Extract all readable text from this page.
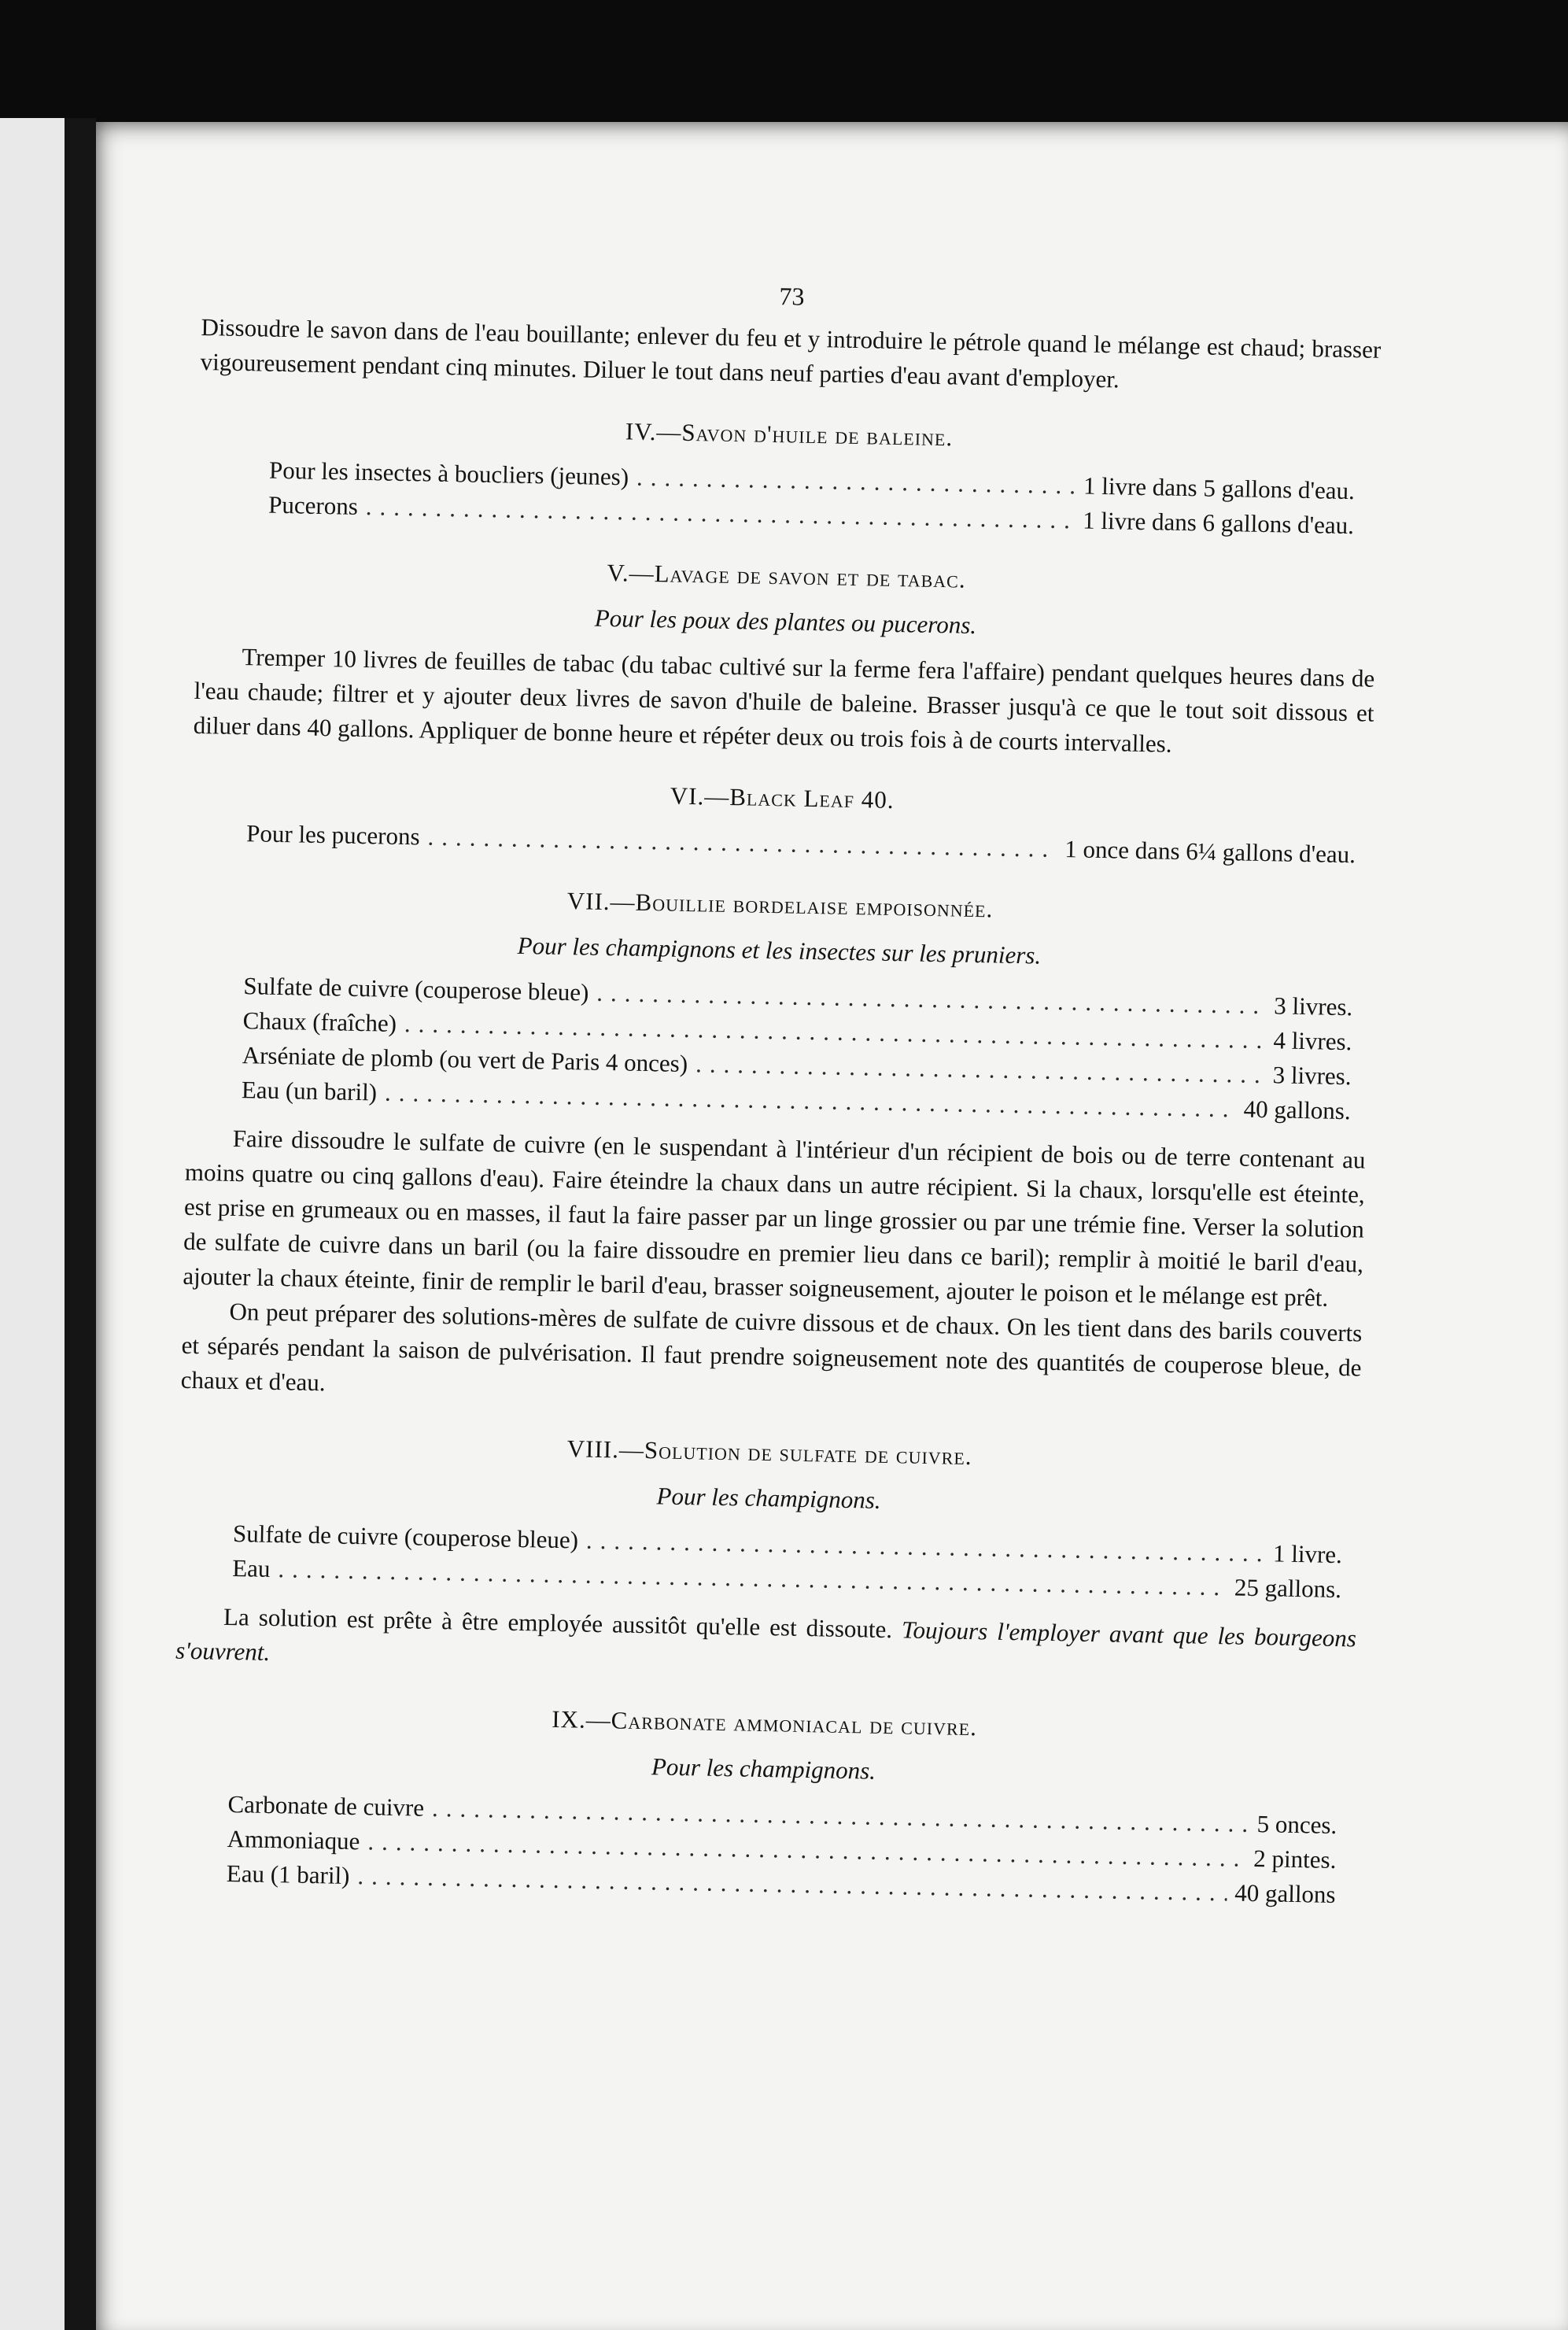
73

Dissoudre le savon dans de l'eau bouillante; enlever du feu et y introduire le pétrole quand le mélange est chaud; brasser vigoureusement pendant cinq minutes. Diluer le tout dans neuf parties d'eau avant d'employer.

IV.—Savon d'huile de baleine.
Pour les insectes à boucliers (jeunes) .....	1 livre dans 5 gallons d'eau.
Pucerons
.....
1 livre dans 6 gallons d'eau.
V.—Lavage de savon et de tabac.
Pour les poux des plantes ou pucerons.

Tremper 10 livres de feuilles de tabac (du tabac cultivé sur la ferme fera l'affaire) pendant quelques heures dans de l'eau chaude; filtrer et y ajouter deux livres de savon d'huile de baleine. Brasser jusqu'à ce que le tout soit dissous et diluer dans 40 gallons. Appliquer de bonne heure et répéter deux ou trois fois à de courts intervalles.

VI.—Black Leaf 40.
Pour les pucerons
.....
1 once dans 6¼ gallons d'eau.
VII.—Bouillie bordelaise empoisonnée.
Pour les champignons et les insectes sur les pruniers.
Sulfate de cuivre (couperose bleue)
.....
3 livres.
Chaux (fraîche)
.....
4 livres.
Arséniate de plomb (ou vert de Paris 4 onces) .....	3 livres.
Eau (un baril)
.....
40 gallons.

Faire dissoudre le sulfate de cuivre (en le suspendant à l'intérieur d'un récipient de bois ou de terre contenant au moins quatre ou cinq gallons d'eau). Faire éteindre la chaux dans un autre récipient. Si la chaux, lorsqu'elle est éteinte, est prise en grumeaux ou en masses, il faut la faire passer par un linge grossier ou par une trémie fine. Verser la solution de sulfate de cuivre dans un baril (ou la faire dissoudre en premier lieu dans ce baril); remplir à moitié le baril d'eau, ajouter la chaux éteinte, finir de remplir le baril d'eau, brasser soigneusement, ajouter le poison et le mélange est prêt.

On peut préparer des solutions-mères de sulfate de cuivre dissous et de chaux. On les tient dans des barils couverts et séparés pendant la saison de pulvérisation. Il faut prendre soigneusement note des quantités de couperose bleue, de chaux et d'eau.

VIII.—Solution de sulfate de cuivre.
Pour les champignons.
Sulfate de cuivre (couperose bleue)
.....
1 livre.
Eau
.....
25 gallons.

La solution est prête à être employée aussitôt qu'elle est dissoute. Toujours l'employer avant que les bourgeons s'ouvrent.

IX.—Carbonate ammoniacal de cuivre.
Pour les champignons.
Carbonate de cuivre
.....
5 onces.
Ammoniaque
.....
2 pintes.
Eau (1 baril)
.....
40 gallons
